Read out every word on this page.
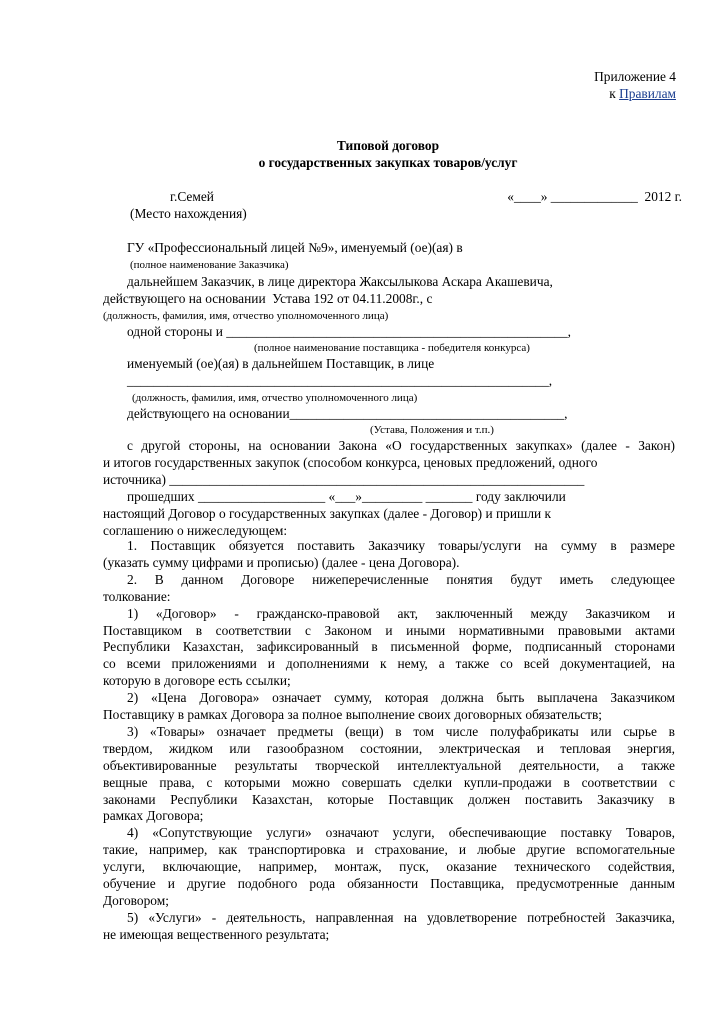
Приложение 4
к Правилам
Типовой договор
о государственных закупках товаров/услуг
г.Семей	«____» _____________  2012 г.
(Место нахождения)
ГУ «Профессиональный лицей №9», именуемый (ое)(ая) в
(полное наименование Заказчика)
дальнейшем Заказчик, в лице директора Жаксылыкова Аскара Акашевича,
действующего на основании  Устава 192 от 04.11.2008г., с
(должность, фамилия, имя, отчество уполномоченного лица)
одной стороны и ___________________________________________________,
(полное наименование поставщика - победителя конкурса)
именуемый (ое)(ая) в дальнейшем Поставщик, в лице
_______________________________________________________________,
(должность, фамилия, имя, отчество уполномоченного лица)
действующего на основании_________________________________________,
(Устава, Положения и т.п.)
с другой стороны, на основании Закона «О государственных закупках» (далее - Закон)
и итогов государственных закупок (способом конкурса, ценовых предложений, одного
источника) ______________________________________________________________
прошедших ___________________ «___»_________ _______ году заключили
настоящий Договор о государственных закупках (далее - Договор) и пришли к
соглашению о нижеследующем:
1. Поставщик обязуется поставить Заказчику товары/услуги на сумму в размере
(указать сумму цифрами и прописью) (далее - цена Договора).
2. В данном Договоре нижеперечисленные понятия будут иметь следующее
толкование:
1) «Договор» - гражданско-правовой акт, заключенный между Заказчиком и
Поставщиком в соответствии с Законом и иными нормативными правовыми актами
Республики Казахстан, зафиксированный в письменной форме, подписанный сторонами
со всеми приложениями и дополнениями к нему, а также со всей документацией, на
которую в договоре есть ссылки;
2) «Цена Договора» означает сумму, которая должна быть выплачена Заказчиком
Поставщику в рамках Договора за полное выполнение своих договорных обязательств;
3) «Товары» означает предметы (вещи) в том числе полуфабрикаты или сырье в
твердом, жидком или газообразном состоянии, электрическая и тепловая энергия,
объективированные результаты творческой интеллектуальной деятельности, а также
вещные права, с которыми можно совершать сделки купли-продажи в соответствии с
законами Республики Казахстан, которые Поставщик должен поставить Заказчику в
рамках Договора;
4) «Сопутствующие услуги» означают услуги, обеспечивающие поставку Товаров,
такие, например, как транспортировка и страхование, и любые другие вспомогательные
услуги, включающие, например, монтаж, пуск, оказание технического содействия,
обучение и другие подобного рода обязанности Поставщика, предусмотренные данным
Договором;
5) «Услуги» - деятельность, направленная на удовлетворение потребностей Заказчика,
не имеющая вещественного результата;
